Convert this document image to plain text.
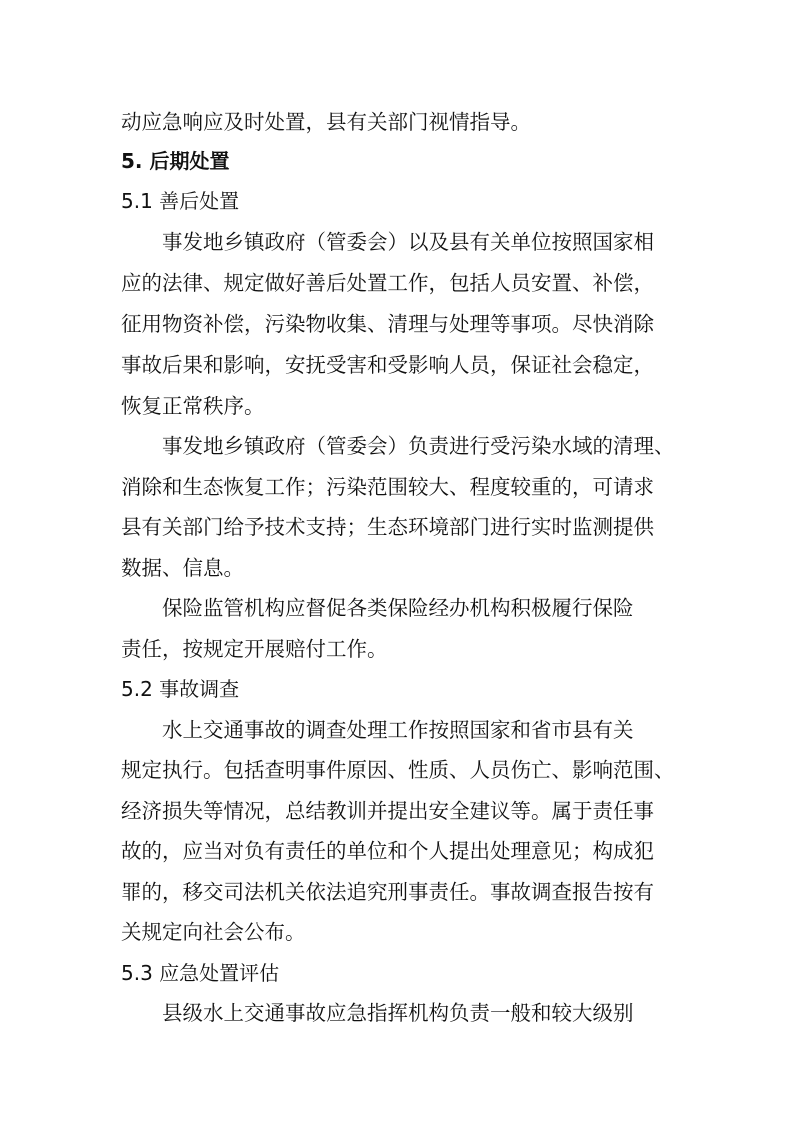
动应急响应及时处置，县有关部门视情指导。
5. 后期处置
5.1 善后处置
事发地乡镇政府（管委会）以及县有关单位按照国家相
应的法律、规定做好善后处置工作，包括人员安置、补偿，
征用物资补偿，污染物收集、清理与处理等事项。尽快消除
事故后果和影响，安抚受害和受影响人员，保证社会稳定，
恢复正常秩序。
事发地乡镇政府（管委会）负责进行受污染水域的清理、
消除和生态恢复工作；污染范围较大、程度较重的，可请求
县有关部门给予技术支持；生态环境部门进行实时监测提供
数据、信息。
保险监管机构应督促各类保险经办机构积极履行保险
责任，按规定开展赔付工作。
5.2 事故调查
水上交通事故的调查处理工作按照国家和省市县有关
规定执行。包括查明事件原因、性质、人员伤亡、影响范围、
经济损失等情况，总结教训并提出安全建议等。属于责任事
故的，应当对负有责任的单位和个人提出处理意见；构成犯
罪的，移交司法机关依法追究刑事责任。事故调查报告按有
关规定向社会公布。
5.3 应急处置评估
县级水上交通事故应急指挥机构负责一般和较大级别
